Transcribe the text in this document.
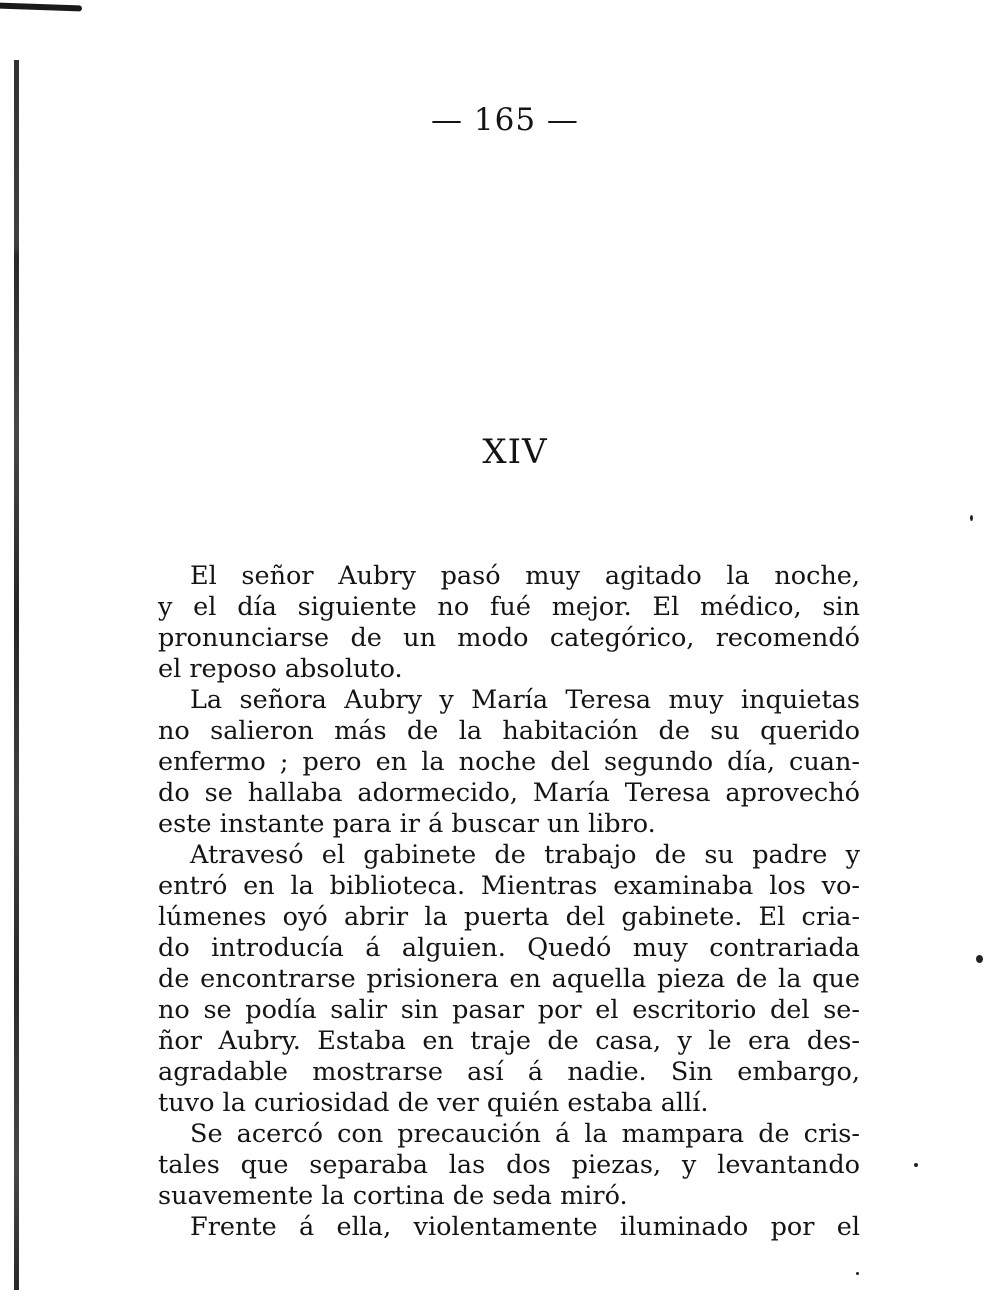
— 165 —
XIV
El señor Aubry pasó muy agitado la noche,
y el día siguiente no fué mejor. El médico, sin
pronunciarse de un modo categórico, recomendó
el reposo absoluto.
La señora Aubry y María Teresa muy inquietas
no salieron más de la habitación de su querido
enfermo ; pero en la noche del segundo día, cuan-
do se hallaba adormecido, María Teresa aprovechó
este instante para ir á buscar un libro.
Atravesó el gabinete de trabajo de su padre y
entró en la biblioteca. Mientras examinaba los vo-
lúmenes oyó abrir la puerta del gabinete. El cria-
do introducía á alguien. Quedó muy contrariada
de encontrarse prisionera en aquella pieza de la que
no se podía salir sin pasar por el escritorio del se-
ñor Aubry. Estaba en traje de casa, y le era des-
agradable mostrarse así á nadie. Sin embargo,
tuvo la curiosidad de ver quién estaba allí.
Se acercó con precaución á la mampara de cris-
tales que separaba las dos piezas, y levantando
suavemente la cortina de seda miró.
Frente á ella, violentamente iluminado por el
